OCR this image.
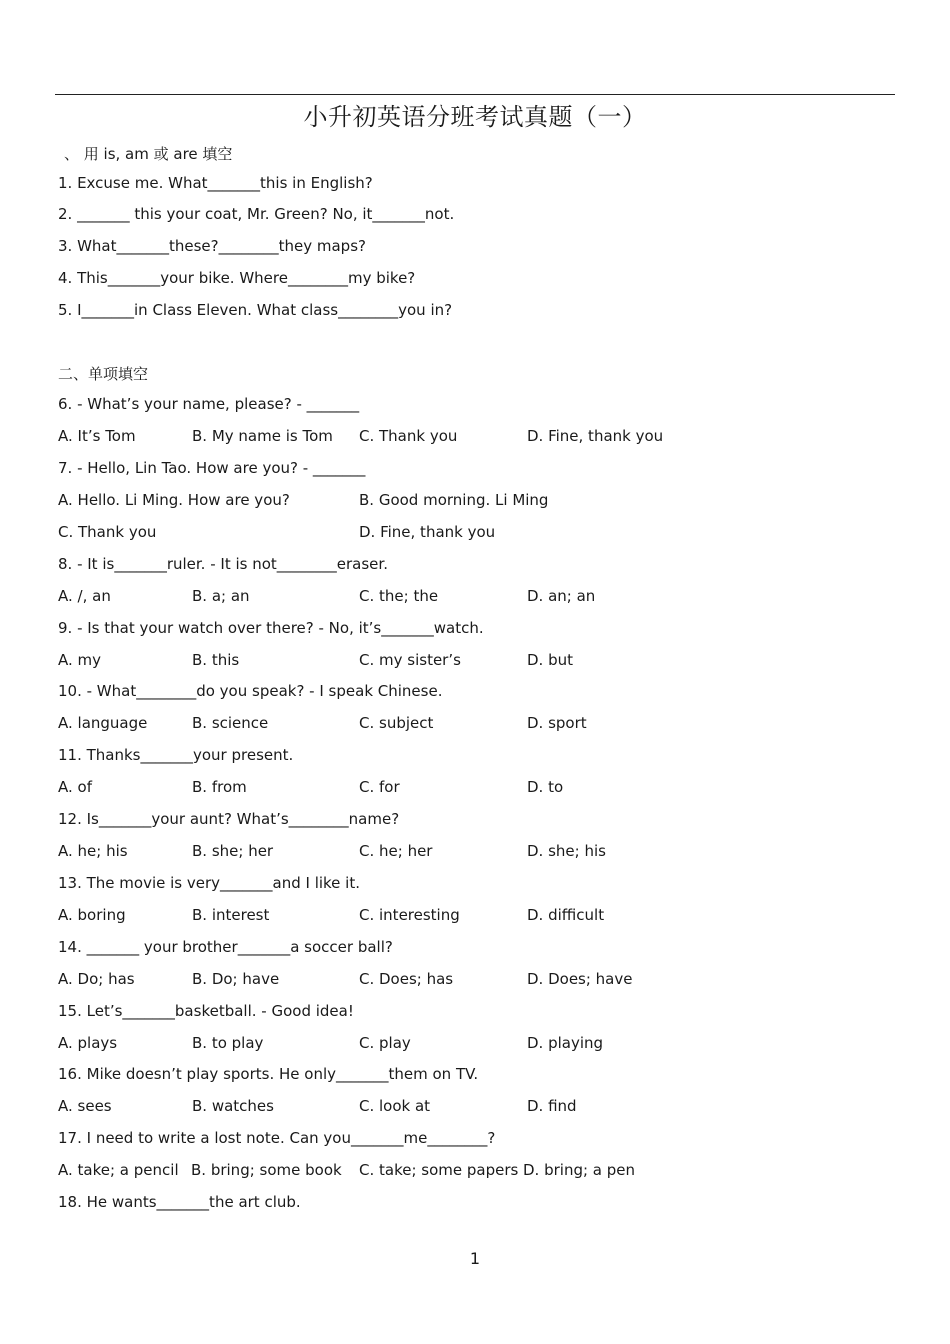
小升初英语分班考试真题（一）
、 用 is, am 或 are 填空
1. Excuse me. What_______this in English?
2. _______ this your coat, Mr. Green? No, it_______not.
3. What_______these?________they maps?
4. This_______your bike. Where________my bike?
5. I_______in Class Eleven. What class________you in?
二、单项填空
6. - What’s your name, please? - _______
A. It’s Tom	B. My name is Tom C. Thank you	D. Fine, thank you
7. - Hello, Lin Tao. How are you? - _______
A. Hello. Li Ming. How are you?	B. Good morning. Li Ming
C. Thank you	D. Fine, thank you
8. - It is_______ruler. - It is not________eraser.
A. /, an	B. a; an	C. the; the	D. an; an
9. - Is that your watch over there? - No, it’s_______watch.
A. my	B. this	C. my sister’s	D. but
10. - What________do you speak? - I speak Chinese.
A. language	B. science	C. subject	D. sport
11. Thanks_______your present.
A. of	B. from	C. for	D. to
12. Is_______your aunt? What’s________name?
A. he; his	B. she; her	C. he; her	D. she; his
13. The movie is very_______and I like it.
A. boring	B. interest	C. interesting	D. difficult
14. _______ your brother_______a soccer ball?
A. Do; has	B. Do; have	C. Does; has	D. Does; have
15. Let’s_______basketball. - Good idea!
A. plays	B. to play	C. play	D. playing
16. Mike doesn’t play sports. He only_______them on TV.
A. sees	B. watches	C. look at	D. find
17. I need to write a lost note. Can you_______me________?
A. take; a pencil B. bring; some book C. take; some papers D. bring; a pen
18. He wants_______the art club.
1
